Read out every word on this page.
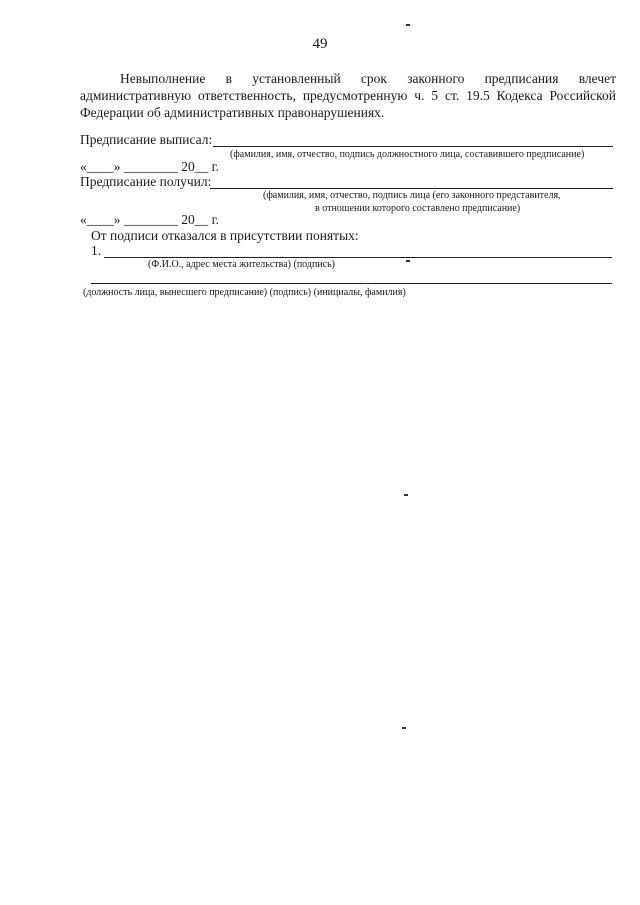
49
Невыполнение в установленный срок законного предписания влечет административную ответственность, предусмотренную ч. 5 ст. 19.5 Кодекса Российской Федерации об административных правонарушениях.
Предписание выписал:
(фамилия, имя, отчество, подпись должностного лица, составившего предписание)
«____» ________ 20__ г.
Предписание получил:
(фамилия, имя, отчество, подпись лица (его законного представителя,
в отношении которого составлено предписание)
«____» ________ 20__ г.
От подписи отказался в присутствии понятых:
1.
(Ф.И.О., адрес места жительства) (подпись)
(должность лица, вынесшего предписание) (подпись) (инициалы, фамилия)
